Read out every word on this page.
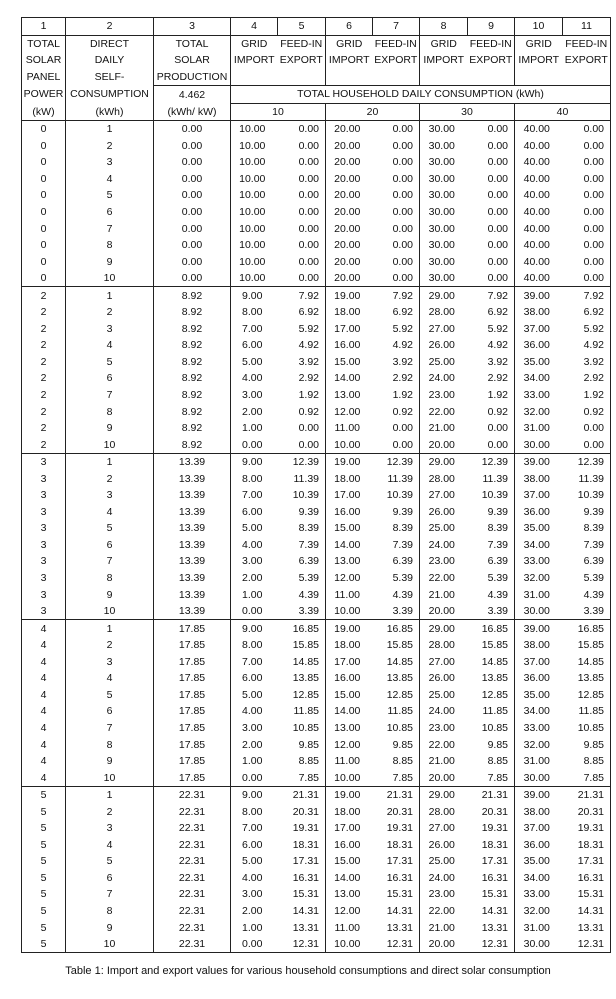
1	2	3	4	5	6	7	8	9	10	11
TOTAL	DIRECT	TOTAL	GRID	FEED-IN	GRID	FEED-IN	GRID	FEED-IN	GRID	FEED-IN
SOLAR	DAILY	SOLAR	IMPORT	EXPORT	IMPORT	EXPORT	IMPORT	EXPORT	IMPORT	EXPORT
PANEL	SELF-	PRODUCTION								
POWER	CONSUMPTION	4.462	TOTAL HOUSEHOLD DAILY CONSUMPTION (kWh)							
(kW)	(kWh)	(kWh/ kW)	10		20		30		40	
0	1	0.00	10.00	0.00	20.00	0.00	30.00	0.00	40.00	0.00
0	2	0.00	10.00	0.00	20.00	0.00	30.00	0.00	40.00	0.00
0	3	0.00	10.00	0.00	20.00	0.00	30.00	0.00	40.00	0.00
0	4	0.00	10.00	0.00	20.00	0.00	30.00	0.00	40.00	0.00
0	5	0.00	10.00	0.00	20.00	0.00	30.00	0.00	40.00	0.00
0	6	0.00	10.00	0.00	20.00	0.00	30.00	0.00	40.00	0.00
0	7	0.00	10.00	0.00	20.00	0.00	30.00	0.00	40.00	0.00
0	8	0.00	10.00	0.00	20.00	0.00	30.00	0.00	40.00	0.00
0	9	0.00	10.00	0.00	20.00	0.00	30.00	0.00	40.00	0.00
0	10	0.00	10.00	0.00	20.00	0.00	30.00	0.00	40.00	0.00
2	1	8.92	9.00	7.92	19.00	7.92	29.00	7.92	39.00	7.92
2	2	8.92	8.00	6.92	18.00	6.92	28.00	6.92	38.00	6.92
2	3	8.92	7.00	5.92	17.00	5.92	27.00	5.92	37.00	5.92
2	4	8.92	6.00	4.92	16.00	4.92	26.00	4.92	36.00	4.92
2	5	8.92	5.00	3.92	15.00	3.92	25.00	3.92	35.00	3.92
2	6	8.92	4.00	2.92	14.00	2.92	24.00	2.92	34.00	2.92
2	7	8.92	3.00	1.92	13.00	1.92	23.00	1.92	33.00	1.92
2	8	8.92	2.00	0.92	12.00	0.92	22.00	0.92	32.00	0.92
2	9	8.92	1.00	0.00	11.00	0.00	21.00	0.00	31.00	0.00
2	10	8.92	0.00	0.00	10.00	0.00	20.00	0.00	30.00	0.00
3	1	13.39	9.00	12.39	19.00	12.39	29.00	12.39	39.00	12.39
3	2	13.39	8.00	11.39	18.00	11.39	28.00	11.39	38.00	11.39
3	3	13.39	7.00	10.39	17.00	10.39	27.00	10.39	37.00	10.39
3	4	13.39	6.00	9.39	16.00	9.39	26.00	9.39	36.00	9.39
3	5	13.39	5.00	8.39	15.00	8.39	25.00	8.39	35.00	8.39
3	6	13.39	4.00	7.39	14.00	7.39	24.00	7.39	34.00	7.39
3	7	13.39	3.00	6.39	13.00	6.39	23.00	6.39	33.00	6.39
3	8	13.39	2.00	5.39	12.00	5.39	22.00	5.39	32.00	5.39
3	9	13.39	1.00	4.39	11.00	4.39	21.00	4.39	31.00	4.39
3	10	13.39	0.00	3.39	10.00	3.39	20.00	3.39	30.00	3.39
4	1	17.85	9.00	16.85	19.00	16.85	29.00	16.85	39.00	16.85
4	2	17.85	8.00	15.85	18.00	15.85	28.00	15.85	38.00	15.85
4	3	17.85	7.00	14.85	17.00	14.85	27.00	14.85	37.00	14.85
4	4	17.85	6.00	13.85	16.00	13.85	26.00	13.85	36.00	13.85
4	5	17.85	5.00	12.85	15.00	12.85	25.00	12.85	35.00	12.85
4	6	17.85	4.00	11.85	14.00	11.85	24.00	11.85	34.00	11.85
4	7	17.85	3.00	10.85	13.00	10.85	23.00	10.85	33.00	10.85
4	8	17.85	2.00	9.85	12.00	9.85	22.00	9.85	32.00	9.85
4	9	17.85	1.00	8.85	11.00	8.85	21.00	8.85	31.00	8.85
4	10	17.85	0.00	7.85	10.00	7.85	20.00	7.85	30.00	7.85
5	1	22.31	9.00	21.31	19.00	21.31	29.00	21.31	39.00	21.31
5	2	22.31	8.00	20.31	18.00	20.31	28.00	20.31	38.00	20.31
5	3	22.31	7.00	19.31	17.00	19.31	27.00	19.31	37.00	19.31
5	4	22.31	6.00	18.31	16.00	18.31	26.00	18.31	36.00	18.31
5	5	22.31	5.00	17.31	15.00	17.31	25.00	17.31	35.00	17.31
5	6	22.31	4.00	16.31	14.00	16.31	24.00	16.31	34.00	16.31
5	7	22.31	3.00	15.31	13.00	15.31	23.00	15.31	33.00	15.31
5	8	22.31	2.00	14.31	12.00	14.31	22.00	14.31	32.00	14.31
5	9	22.31	1.00	13.31	11.00	13.31	21.00	13.31	31.00	13.31
5	10	22.31	0.00	12.31	10.00	12.31	20.00	12.31	30.00	12.31
Table 1: Import and export values for various household consumptions and direct solar consumption
